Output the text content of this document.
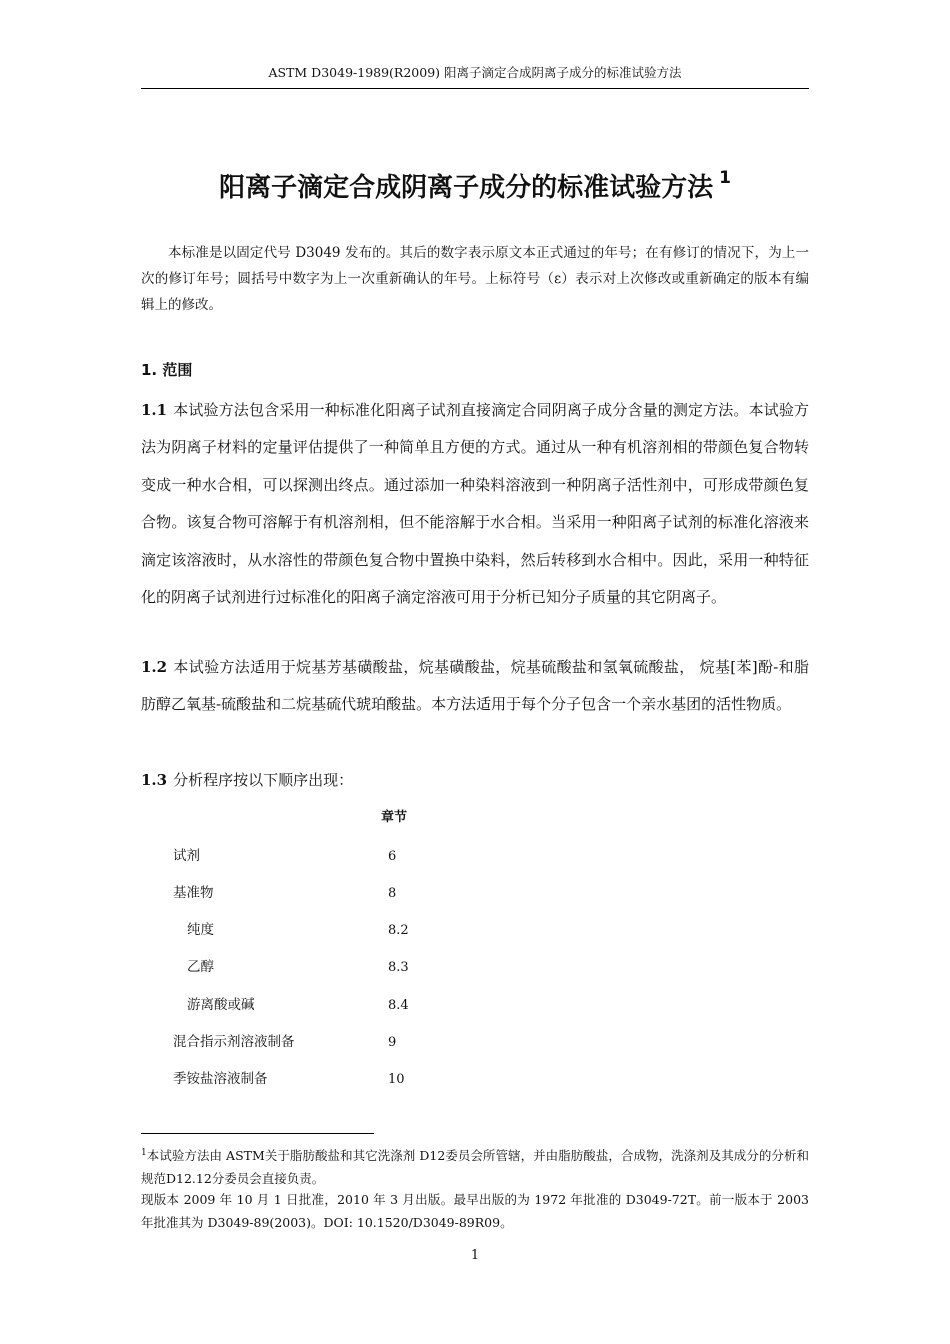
ASTM D3049-1989(R2009) 阳离子滴定合成阴离子成分的标准试验方法
阳离子滴定合成阴离子成分的标准试验方法 $^1$

本标准是以固定代号 D3049 发布的。其后的数字表示原文本正式通过的年号；在有修订的情况下，为上一次的修订年号；圆括号中数字为上一次重新确认的年号。上标符号（ε）表示对上次修改或重新确定的版本有编辑上的修改。

1. 范围

1.1 本试验方法包含采用一种标准化阳离子试剂直接滴定合同阴离子成分含量的测定方法。本试验方法为阴离子材料的定量评估提供了一种简单且方便的方式。通过从一种有机溶剂相的带颜色复合物转变成一种水合相，可以探测出终点。通过添加一种染料溶液到一种阴离子活性剂中，可形成带颜色复合物。该复合物可溶解于有机溶剂相，但不能溶解于水合相。当采用一种阳离子试剂的标准化溶液来滴定该溶液时，从水溶性的带颜色复合物中置换中染料，然后转移到水合相中。因此，采用一种特征化的阴离子试剂进行过标准化的阳离子滴定溶液可用于分析已知分子质量的其它阴离子。

1.2 本试验方法适用于烷基芳基磺酸盐，烷基磺酸盐，烷基硫酸盐和氢氧硫酸盐， 烷基[苯]酚-和脂肪醇乙氧基-硫酸盐和二烷基硫代琥珀酸盐。本方法适用于每个分子包含一个亲水基团的活性物质。

1.3 分析程序按以下顺序出现：

章节
试剂	6
基准物	8
纯度	8.2
乙醇	8.3
游离酸或碱	8.4
混合指示剂溶液制备	9
季铵盐溶液制备	10

$^1$本试验方法由 ASTM关于脂肪酸盐和其它洗涤剂 D12委员会所管辖，并由脂肪酸盐，合成物，洗涤剂及其成分的分析和规范D12.12分委员会直接负责。

现版本 2009 年 10 月 1 日批准，2010 年 3 月出版。最早出版的为 1972 年批准的 D3049-72T。前一版本于 2003 年批准其为 D3049-89(2003)。DOI: 10.1520/D3049-89R09。

1
